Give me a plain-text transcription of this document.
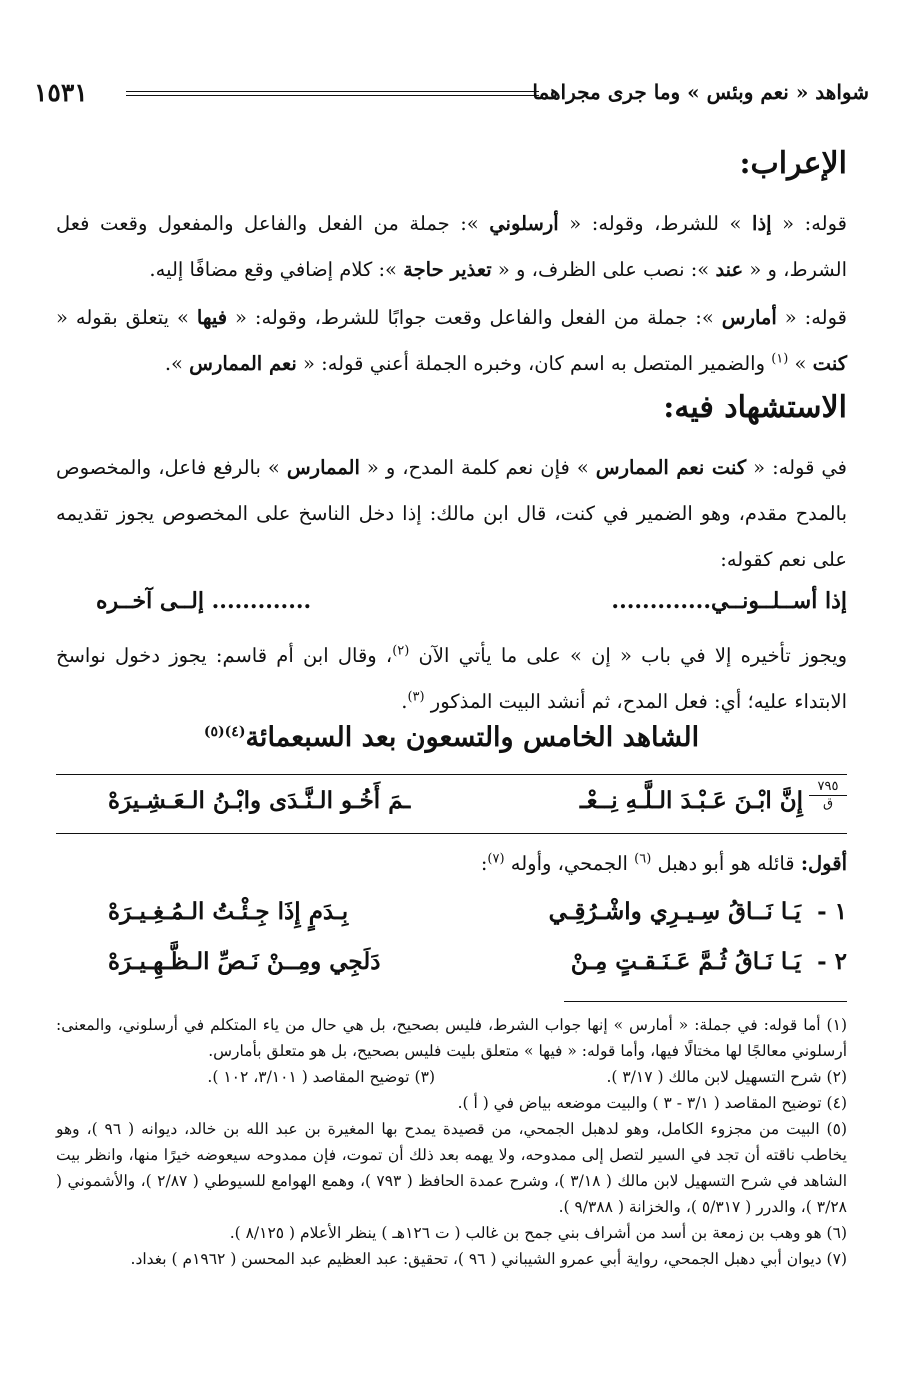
شواهد « نعم وبئس » وما جرى مجراهما
١٥٣١
الإعراب:

قوله: « إذا » للشرط، وقوله: « أرسلوني »: جملة من الفعل والفاعل والمفعول وقعت فعل الشرط، و « عند »: نصب على الظرف، و « تعذير حاجة »: كلام إضافي وقع مضافًا إليه.

قوله: « أمارس »: جملة من الفعل والفاعل وقعت جوابًا للشرط، وقوله: « فيها » يتعلق بقوله « كنت » $^{(١)}$ والضمير المتصل به اسم كان، وخبره الجملة أعني قوله: « نعم الممارس ».

الاستشهاد فيه:

في قوله: « كنت نعم الممارس » فإن نعم كلمة المدح، و « الممارس » بالرفع فاعل، والمخصوص بالمدح مقدم، وهو الضمير في كنت، قال ابن مالك: إذا دخل الناسخ على المخصوص يجوز تقديمه على نعم كقوله:

إذا أســلــونــي.............
............. إلــى آخــره

ويجوز تأخيره إلا في باب « إن » على ما يأتي الآن $^{(٢)}$، وقال ابن أم قاسم: يجوز دخول نواسخ الابتداء عليه؛ أي: فعل المدح، ثم أنشد البيت المذكور $^{(٣)}$.

الشاهد الخامس والتسعون بعد السبعمائة$^{(٤)(٥)}$
٧٩٥
ق
إِنَّ ابْـنَ عَـبْـدَ الـلَّـهِ نِــعْـ
ـمَ أَخُـو الـنَّـدَى وابْـنُ الـعَـشِـيرَهْ
أقول: قائله هو أبو دهبل $^{(٦)}$ الجمحي، وأوله $^{(٧)}$:
١ -
يَـا نَــاقُ سِـيـرِي واشْـرُقِـي
بِـدَمٍ إِذَا جِـئْـتُ الـمُـغِـيـرَهْ
٢ -
يَـا نَـاقُ ثُـمَّ عَـنَـقـتٍ مِـنْ
دَلَجِي ومِــنْ نَـصِّ الـظَّـهِـيـرَهْ

(١) أما قوله: في جملة: « أمارس » إنها جواب الشرط، فليس بصحيح، بل هي حال من ياء المتكلم في أرسلوني، والمعنى: أرسلوني معالجًا لها مختالًا فيها، وأما قوله: « فيها » متعلق بليت فليس بصحيح، بل هو متعلق بأمارس.

(٢) شرح التسهيل لابن مالك ( ٣/١٧ ).
(٣) توضيح المقاصد ( ٣/١٠١، ١٠٢ ).

(٤) توضيح المقاصد ( ٣/١ - ٣ ) والبيت موضعه بياض في ( أ ).

(٥) البيت من مجزوء الكامل، وهو لدهبل الجمحي، من قصيدة يمدح بها المغيرة بن عبد الله بن خالد، ديوانه ( ٩٦ )، وهو يخاطب ناقته أن تجد في السير لتصل إلى ممدوحه، ولا يهمه بعد ذلك أن تموت، فإن ممدوحه سيعوضه خيرًا منها، وانظر بيت الشاهد في شرح التسهيل لابن مالك ( ٣/١٨ )، وشرح عمدة الحافظ ( ٧٩٣ )، وهمع الهوامع للسيوطي ( ٢/٨٧ )، والأشموني ( ٣/٢٨ )، والدرر ( ٥/٣١٧ )، والخزانة ( ٩/٣٨٨ ).

(٦) هو وهب بن زمعة بن أسد من أشراف بني جمح بن غالب ( ت ١٢٦هـ ) ينظر الأعلام ( ٨/١٢٥ ).

(٧) ديوان أبي دهبل الجمحي، رواية أبي عمرو الشيباني ( ٩٦ )، تحقيق: عبد العظيم عبد المحسن ( ١٩٦٢م ) بغداد.
